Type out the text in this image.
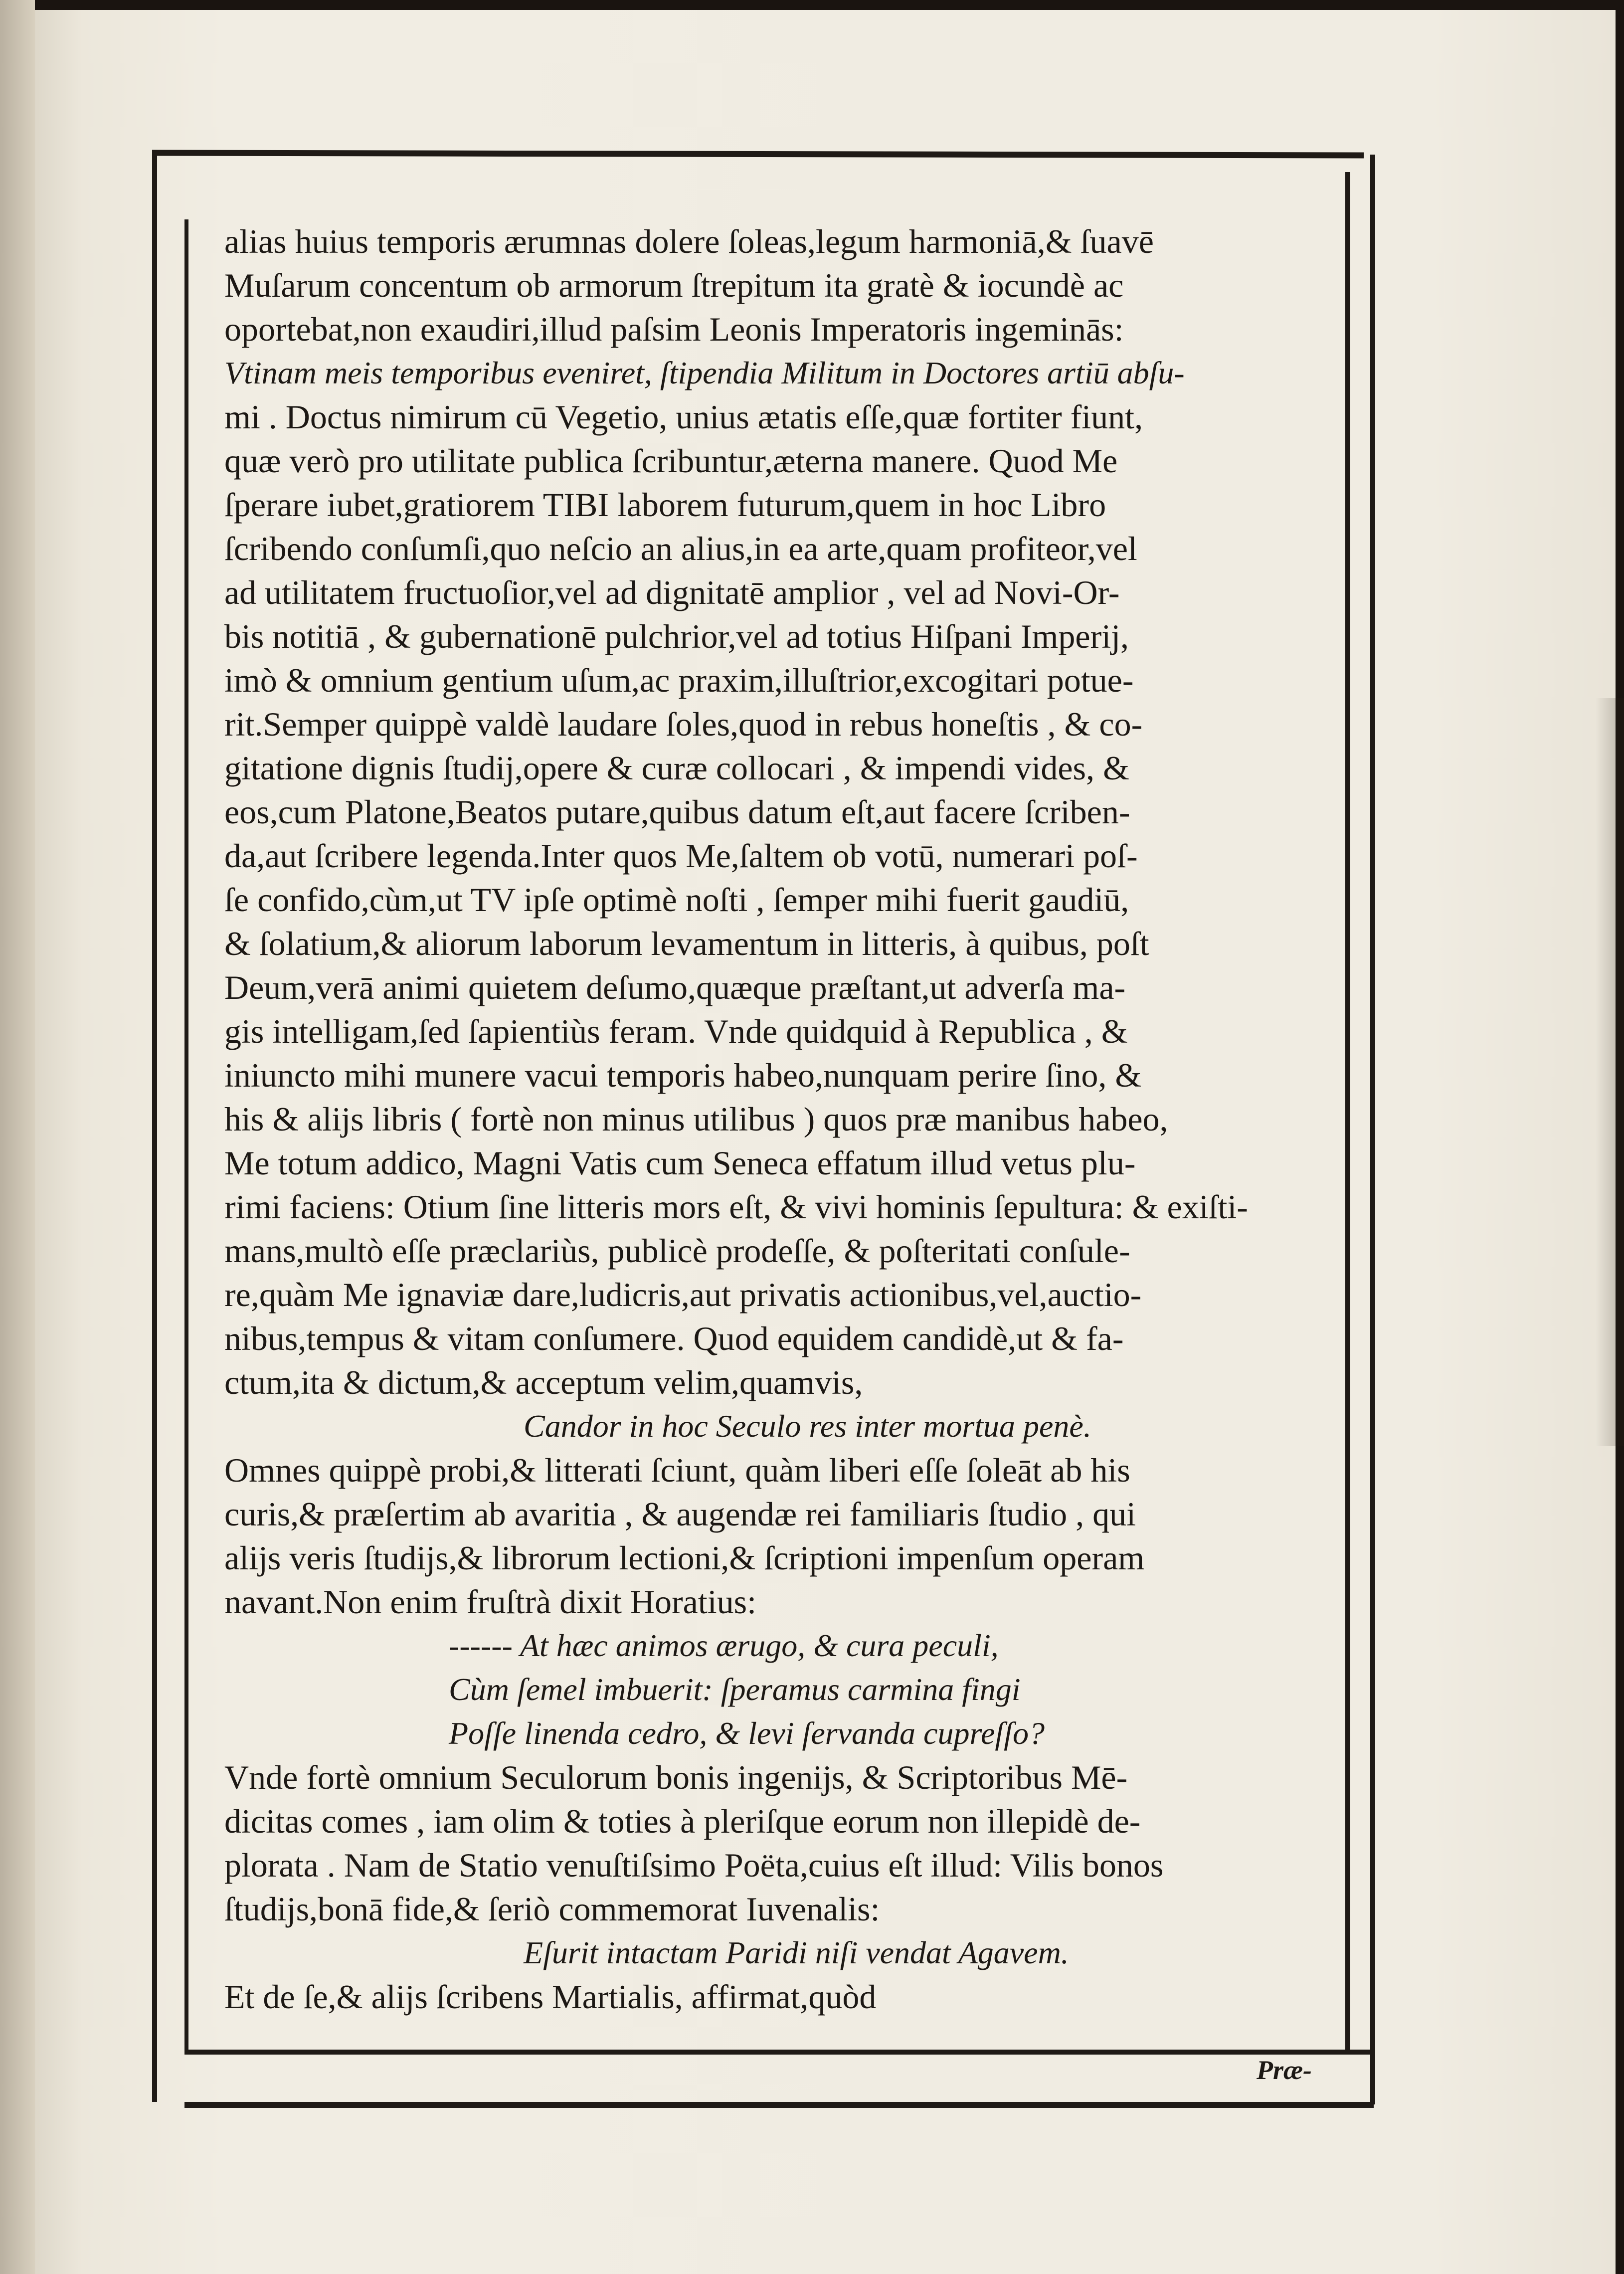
alias huius temporis ærumnas dolere ſoleas,legum harmoniā,& ſuavē
Muſarum concentum ob armorum ſtrepitum ita gratè & iocundè ac
oportebat,non exaudiri,illud paſsim Leonis Imperatoris ingeminās:
Vtinam meis temporibus eveniret, ſtipendia Militum in Doctores artiū abſu-
mi . Doctus nimirum cū Vegetio, unius ætatis eſſe,quæ fortiter fiunt,
quæ verò pro utilitate publica ſcribuntur,æterna manere. Quod Me
ſperare iubet,gratiorem TIBI laborem futurum,quem in hoc Libro
ſcribendo conſumſi,quo neſcio an alius,in ea arte,quam profiteor,vel
ad utilitatem fructuoſior,vel ad dignitatē amplior , vel ad Novi-Or-
bis notitiā , & gubernationē pulchrior,vel ad totius Hiſpani Imperij,
imò & omnium gentium uſum,ac praxim,illuſtrior,excogitari potue-
rit.Semper quippè valdè laudare ſoles,quod in rebus honeſtis , & co-
gitatione dignis ſtudij,opere & curæ collocari , & impendi vides, &
eos,cum Platone,Beatos putare,quibus datum eſt,aut facere ſcriben-
da,aut ſcribere legenda.Inter quos Me,ſaltem ob votū, numerari poſ-
ſe confido,cùm,ut TV ipſe optimè noſti , ſemper mihi fuerit gaudiū,
& ſolatium,& aliorum laborum levamentum in litteris, à quibus, poſt
Deum,verā animi quietem deſumo,quæque præſtant,ut adverſa ma-
gis intelligam,ſed ſapientiùs feram. Vnde quidquid à Republica , &
iniuncto mihi munere vacui temporis habeo,nunquam perire ſino, &
his & alijs libris ( fortè non minus utilibus ) quos præ manibus habeo,
Me totum addico, Magni Vatis cum Seneca effatum illud vetus plu-
rimi faciens: Otium ſine litteris mors eſt, & vivi hominis ſepultura: & exiſti-
mans,multò eſſe præclariùs, publicè prodeſſe, & poſteritati conſule-
re,quàm Me ignaviæ dare,ludicris,aut privatis actionibus,vel,auctio-
nibus,tempus & vitam conſumere. Quod equidem candidè,ut & fa-
ctum,ita & dictum,& acceptum velim,quamvis,
Candor in hoc Seculo res inter mortua penè.
Omnes quippè probi,& litterati ſciunt, quàm liberi eſſe ſoleāt ab his
curis,& præſertim ab avaritia , & augendæ rei familiaris ſtudio , qui
alijs veris ſtudijs,& librorum lectioni,& ſcriptioni impenſum operam
navant.Non enim fruſtrà dixit Horatius:
------ At hæc animos ærugo, & cura peculi,
Cùm ſemel imbuerit: ſperamus carmina fingi
Poſſe linenda cedro, & levi ſervanda cupreſſo?
Vnde fortè omnium Seculorum bonis ingenijs, & Scriptoribus Mē-
dicitas comes , iam olim & toties à pleriſque eorum non illepidè de-
plorata . Nam de Statio venuſtiſsimo Poëta,cuius eſt illud: Vilis bonos
ſtudijs,bonā fide,& ſeriò commemorat Iuvenalis:
Eſurit intactam Paridi niſi vendat Agavem.
Et de ſe,& alijs ſcribens Martialis, affirmat,quòd
Præ-
